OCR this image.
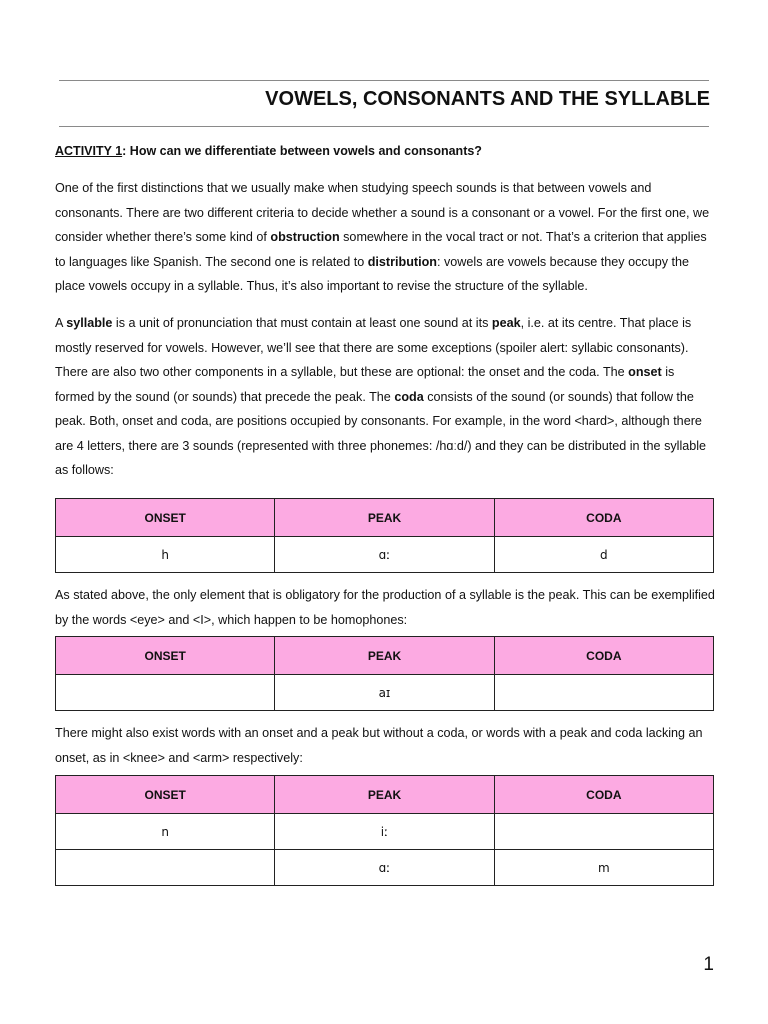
VOWELS, CONSONANTS AND THE SYLLABLE
ACTIVITY 1: How can we differentiate between vowels and consonants?
One of the first distinctions that we usually make when studying speech sounds is that between vowels and consonants. There are two different criteria to decide whether a sound is a consonant or a vowel. For the first one, we consider whether there’s some kind of obstruction somewhere in the vocal tract or not. That’s a criterion that applies to languages like Spanish. The second one is related to distribution: vowels are vowels because they occupy the place vowels occupy in a syllable. Thus, it’s also important to revise the structure of the syllable.
A syllable is a unit of pronunciation that must contain at least one sound at its peak, i.e. at its centre. That place is mostly reserved for vowels. However, we’ll see that there are some exceptions (spoiler alert: syllabic consonants). There are also two other components in a syllable, but these are optional: the onset and the coda. The onset is formed by the sound (or sounds) that precede the peak. The coda consists of the sound (or sounds) that follow the peak. Both, onset and coda, are positions occupied by consonants. For example, in the word <hard>, although there are 4 letters, there are 3 sounds (represented with three phonemes: /hɑːd/) and they can be distributed in the syllable as follows:
ONSET	PEAK	CODA
h	ɑː	d
As stated above, the only element that is obligatory for the production of a syllable is the peak. This can be exemplified by the words <eye> and <I>, which happen to be homophones:
ONSET	PEAK	CODA
	aɪ	
There might also exist words with an onset and a peak but without a coda, or words with a peak and coda lacking an onset, as in <knee> and <arm> respectively:
ONSET	PEAK	CODA
n	iː	
	ɑː	m
1
